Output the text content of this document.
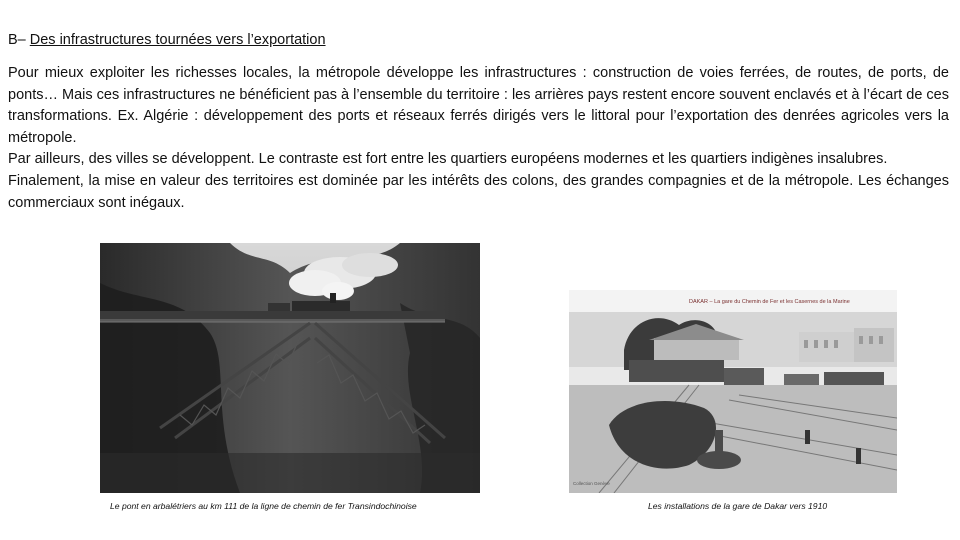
B– Des infrastructures tournées vers l’exportation

Pour mieux exploiter les richesses locales, la métropole développe les infrastructures : construction de voies ferrées, de routes, de ports, de ponts… Mais ces infrastructures ne bénéficient pas à l’ensemble du territoire : les arrières pays restent encore souvent enclavés et à l’écart de ces transformations. Ex. Algérie : développement des ports et réseaux ferrés dirigés vers le littoral pour l’exportation des denrées agricoles vers la métropole.

Par ailleurs, des villes se développent. Le contraste est fort entre les quartiers européens modernes et les quartiers indigènes insalubres.

Finalement, la mise en valeur des territoires est dominée par les intérêts des colons, des grandes compagnies et de la métropole. Les échanges commerciaux sont inégaux.

DAKAR – La gare du Chemin de Fer et les Casernes de la Marine
Collection Genève
Le pont en arbalétriers au km 111 de la ligne de chemin de fer Transindochinoise	Les installations de la gare de Dakar vers 1910
